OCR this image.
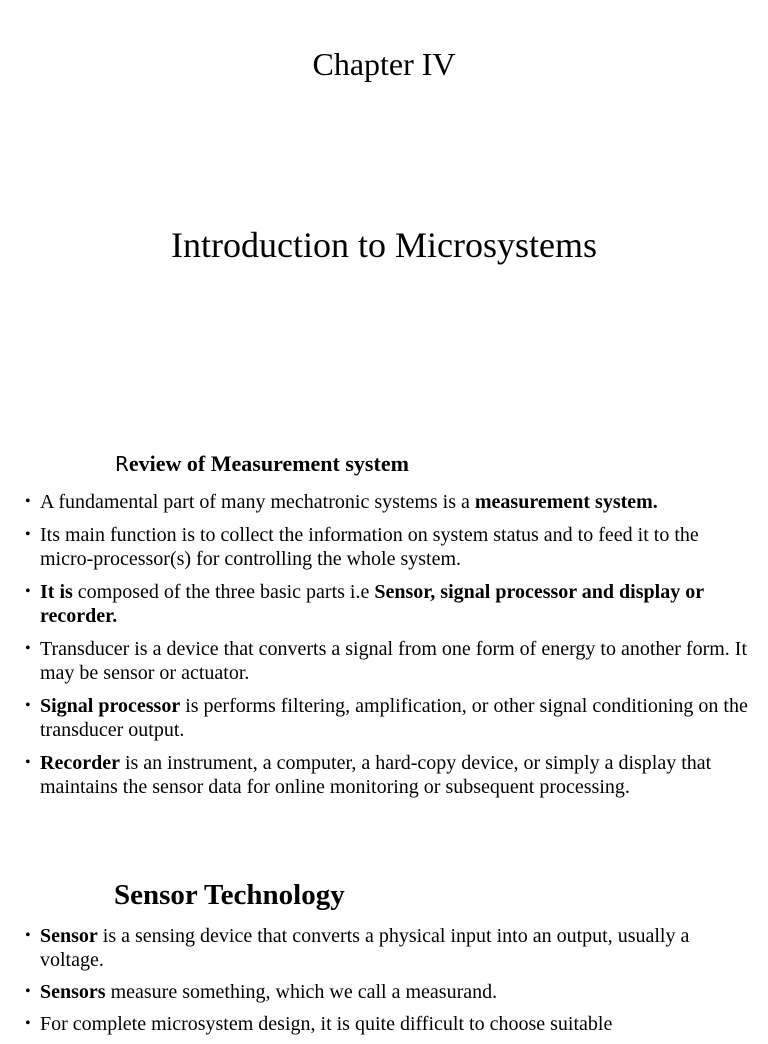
Chapter IV
Introduction to Microsystems
Review of Measurement system
• A fundamental part of many mechatronic systems is a measurement system.
• Its main function is to collect the information on system status and to feed it to the micro-processor(s) for controlling the whole system.
• It is composed of the three basic parts i.e Sensor, signal processor and display or recorder.
• Transducer is a device that converts a signal from one form of energy to another form. It may be sensor or actuator.
• Signal processor is performs filtering, amplification, or other signal conditioning on the transducer output.
• Recorder is an instrument, a computer, a hard-copy device, or simply a display that maintains the sensor data for online monitoring or subsequent processing.
Sensor Technology
• Sensor is a sensing device that converts a physical input into an output, usually a voltage.
• Sensors measure something, which we call a measurand.
• For complete microsystem design, it is quite difficult to choose suitable
